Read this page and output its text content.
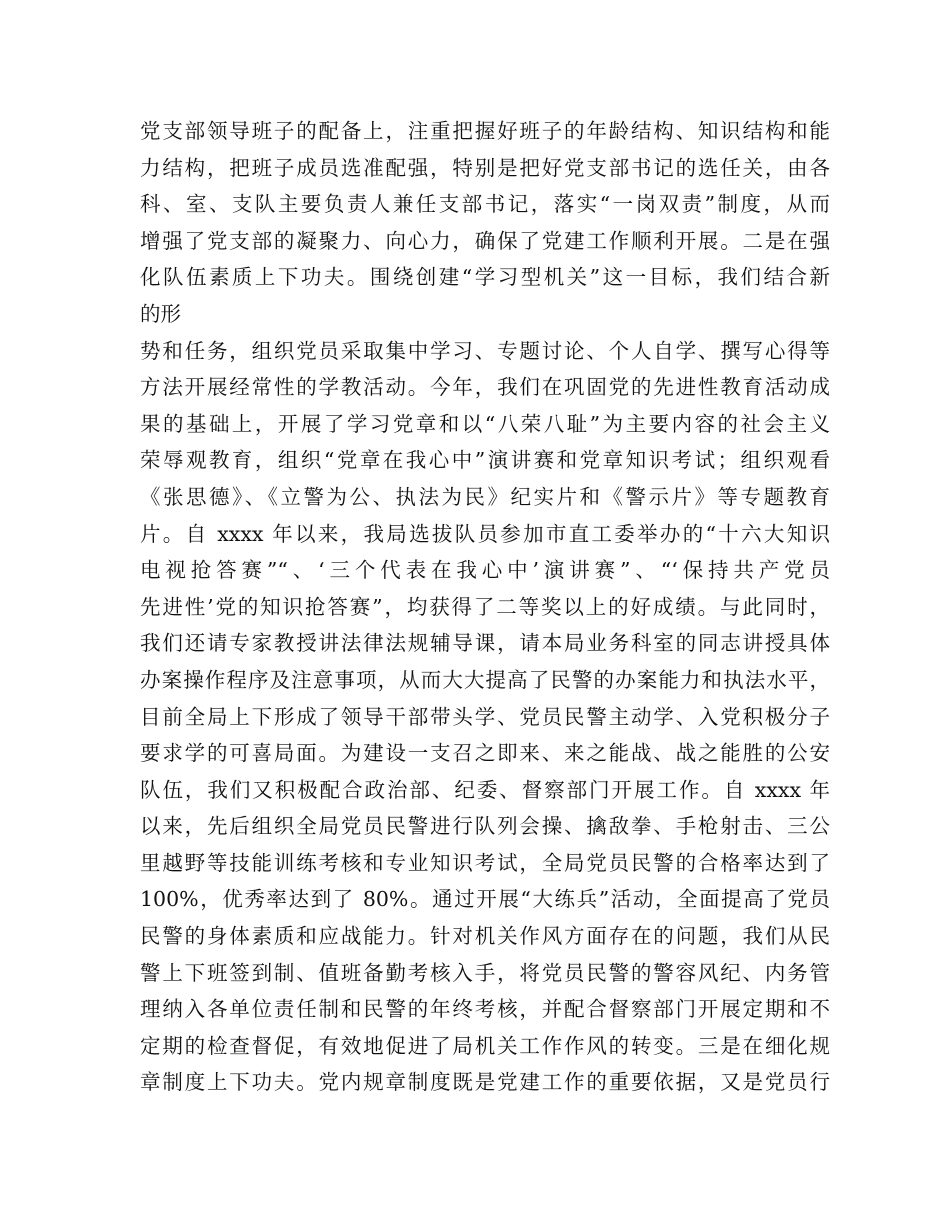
党支部领导班子的配备上，注重把握好班子的年龄结构、知识结构和能
力结构，把班子成员选准配强，特别是把好党支部书记的选任关，由各
科、室、支队主要负责人兼任支部书记，落实“一岗双责”制度，从而
增强了党支部的凝聚力、向心力，确保了党建工作顺利开展。二是在强
化队伍素质上下功夫。围绕创建“学习型机关”这一目标，我们结合新
的形
势和任务，组织党员采取集中学习、专题讨论、个人自学、撰写心得等
方法开展经常性的学教活动。今年，我们在巩固党的先进性教育活动成
果的基础上，开展了学习党章和以“八荣八耻”为主要内容的社会主义
荣辱观教育，组织“党章在我心中”演讲赛和党章知识考试；组织观看
《张思德》、《立警为公、执法为民》纪实片和《警示片》等专题教育
片。自 xxxx 年以来，我局选拔队员参加市直工委举办的“十六大知识
电视抢答赛”“、‘三个代表在我心中’演讲赛”、“‘保持共产党员
先进性’党的知识抢答赛”，均获得了二等奖以上的好成绩。与此同时，
我们还请专家教授讲法律法规辅导课，请本局业务科室的同志讲授具体
办案操作程序及注意事项，从而大大提高了民警的办案能力和执法水平，
目前全局上下形成了领导干部带头学、党员民警主动学、入党积极分子
要求学的可喜局面。为建设一支召之即来、来之能战、战之能胜的公安
队伍，我们又积极配合政治部、纪委、督察部门开展工作。自 xxxx 年
以来，先后组织全局党员民警进行队列会操、擒敌拳、手枪射击、三公
里越野等技能训练考核和专业知识考试，全局党员民警的合格率达到了
100%，优秀率达到了 80%。通过开展“大练兵”活动，全面提高了党员
民警的身体素质和应战能力。针对机关作风方面存在的问题，我们从民
警上下班签到制、值班备勤考核入手，将党员民警的警容风纪、内务管
理纳入各单位责任制和民警的年终考核，并配合督察部门开展定期和不
定期的检查督促，有效地促进了局机关工作作风的转变。三是在细化规
章制度上下功夫。党内规章制度既是党建工作的重要依据，又是党员行
